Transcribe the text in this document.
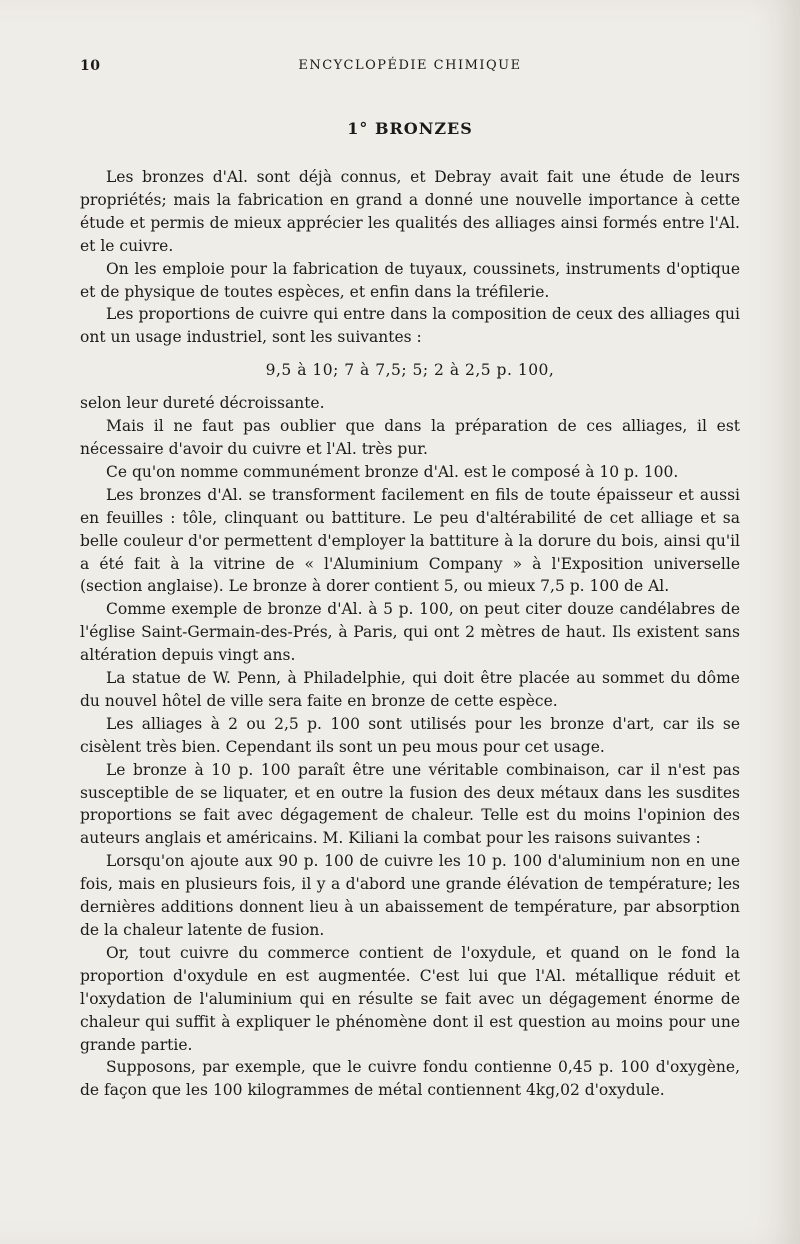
10	ENCYCLOPÉDIE CHIMIQUE
1° BRONZES

Les bronzes d'Al. sont déjà connus, et Debray avait fait une étude de leurs propriétés; mais la fabrication en grand a donné une nouvelle importance à cette étude et permis de mieux apprécier les qualités des alliages ainsi formés entre l'Al. et le cuivre.

On les emploie pour la fabrication de tuyaux, coussinets, instruments d'optique et de physique de toutes espèces, et enfin dans la tréfilerie.

Les proportions de cuivre qui entre dans la composition de ceux des alliages qui ont un usage industriel, sont les suivantes :

9,5 à 10; 7 à 7,5; 5; 2 à 2,5 p. 100,

selon leur dureté décroissante.

Mais il ne faut pas oublier que dans la préparation de ces alliages, il est nécessaire d'avoir du cuivre et l'Al. très pur.

Ce qu'on nomme communément bronze d'Al. est le composé à 10 p. 100.

Les bronzes d'Al. se transforment facilement en fils de toute épaisseur et aussi en feuilles : tôle, clinquant ou battiture. Le peu d'altérabilité de cet alliage et sa belle couleur d'or permettent d'employer la battiture à la dorure du bois, ainsi qu'il a été fait à la vitrine de « l'Aluminium Company » à l'Exposition universelle (section anglaise). Le bronze à dorer contient 5, ou mieux 7,5 p. 100 de Al.

Comme exemple de bronze d'Al. à 5 p. 100, on peut citer douze candélabres de l'église Saint-Germain-des-Prés, à Paris, qui ont 2 mètres de haut. Ils existent sans altération depuis vingt ans.

La statue de W. Penn, à Philadelphie, qui doit être placée au sommet du dôme du nouvel hôtel de ville sera faite en bronze de cette espèce.

Les alliages à 2 ou 2,5 p. 100 sont utilisés pour les bronze d'art, car ils se cisèlent très bien. Cependant ils sont un peu mous pour cet usage.

Le bronze à 10 p. 100 paraît être une véritable combinaison, car il n'est pas susceptible de se liquater, et en outre la fusion des deux métaux dans les susdites proportions se fait avec dégagement de chaleur. Telle est du moins l'opinion des auteurs anglais et américains. M. Kiliani la combat pour les raisons suivantes :

Lorsqu'on ajoute aux 90 p. 100 de cuivre les 10 p. 100 d'aluminium non en une fois, mais en plusieurs fois, il y a d'abord une grande élévation de température; les dernières additions donnent lieu à un abaissement de température, par absorption de la chaleur latente de fusion.

Or, tout cuivre du commerce contient de l'oxydule, et quand on le fond la proportion d'oxydule en est augmentée. C'est lui que l'Al. métallique réduit et l'oxydation de l'aluminium qui en résulte se fait avec un dégagement énorme de chaleur qui suffit à expliquer le phénomène dont il est question au moins pour une grande partie.

Supposons, par exemple, que le cuivre fondu contienne 0,45 p. 100 d'oxygène, de façon que les 100 kilogrammes de métal contiennent 4kg,02 d'oxydule.
